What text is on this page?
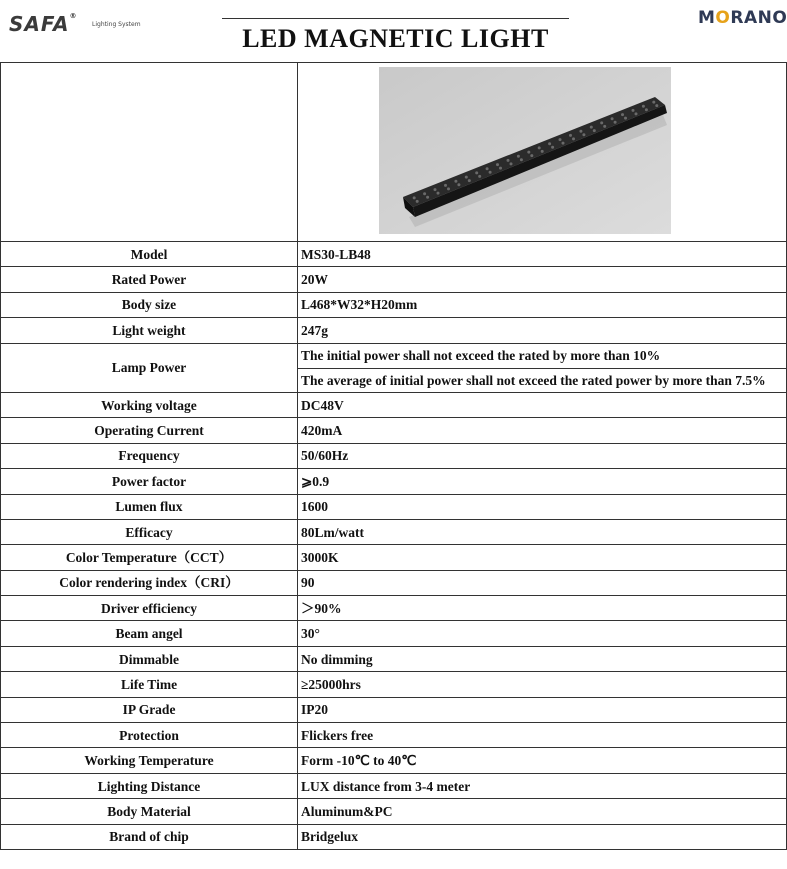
SAFA®
Lighting System	LED MAGNETIC LIGHT
MORANO

Model	MS30-LB48
Rated Power	20W
Body size	L468*W32*H20mm
Light weight	247g
Lamp Power	The initial power shall not exceed the rated by more than 10%
	The average of initial power shall not exceed the rated power by more than 7.5%
Working voltage	DC48V
Operating Current	420mA
Frequency	50/60Hz
Power factor	⩾0.9
Lumen flux	1600
Efficacy	80Lm/watt
Color Temperature（CCT）	3000K
Color rendering index（CRI）	90
Driver efficiency	＞90%
Beam angel	30°
Dimmable	No dimming
Life Time	≥25000hrs
IP Grade	IP20
Protection	Flickers free
Working Temperature	Form -10℃ to 40℃
Lighting Distance	LUX distance from 3-4 meter
Body Material	Aluminum&PC
Brand of chip	Bridgelux
